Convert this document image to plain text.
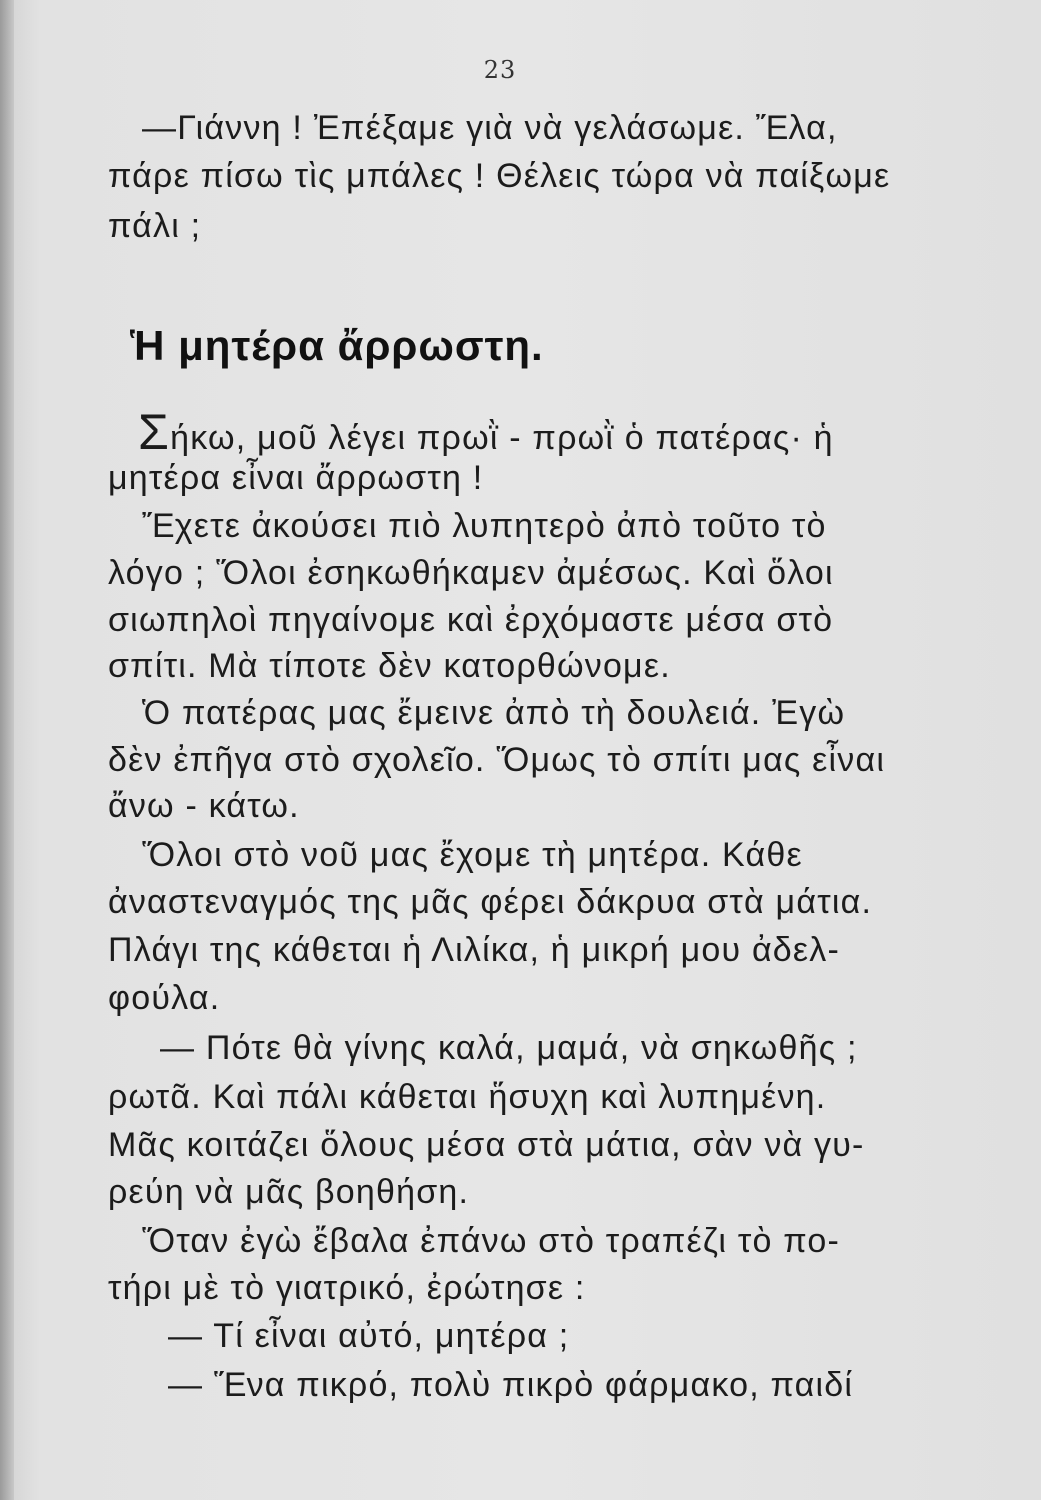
23
—Γιάννη ! Ἐπέξαμε γιὰ νὰ γελάσωμε. Ἔλα,
πάρε πίσω τὶς μπάλες ! Θέλεις τώρα νὰ παίξωμε
πάλι ;
Ἡ μητέρα ἄρρωστη.
Σήκω, μοῦ λέγει πρωῒ - πρωῒ ὁ πατέρας· ἡ
μητέρα εἶναι ἄρρωστη !
Ἔχετε ἀκούσει πιὸ λυπητερὸ ἀπὸ τοῦτο τὸ
λόγο ; Ὅλοι ἐσηκωθήκαμεν ἀμέσως. Καὶ ὅλοι
σιωπηλοὶ πηγαίνομε καὶ ἐρχόμαστε μέσα στὸ
σπίτι. Μὰ τίποτε δὲν κατορθώνομε.
Ὁ πατέρας μας ἔμεινε ἀπὸ τὴ δουλειά. Ἐγὼ
δὲν ἐπῆγα στὸ σχολεῖο. Ὅμως τὸ σπίτι μας εἶναι
ἄνω - κάτω.
Ὅλοι στὸ νοῦ μας ἔχομε τὴ μητέρα. Κάθε
ἀναστεναγμός της μᾶς φέρει δάκρυα στὰ μάτια.
Πλάγι της κάθεται ἡ Λιλίκα, ἡ μικρή μου ἀδελ-
φούλα.
— Πότε θὰ γίνης καλά, μαμά, νὰ σηκωθῆς ;
ρωτᾶ. Καὶ πάλι κάθεται ἥσυχη καὶ λυπημένη.
Μᾶς κοιτάζει ὅλους μέσα στὰ μάτια, σὰν νὰ γυ-
ρεύη νὰ μᾶς βοηθήση.
Ὅταν ἐγὼ ἔβαλα ἐπάνω στὸ τραπέζι τὸ πο-
τήρι μὲ τὸ γιατρικό, ἐρώτησε :
— Τί εἶναι αὐτό, μητέρα ;
— Ἕνα πικρό, πολὺ πικρὸ φάρμακο, παιδί
